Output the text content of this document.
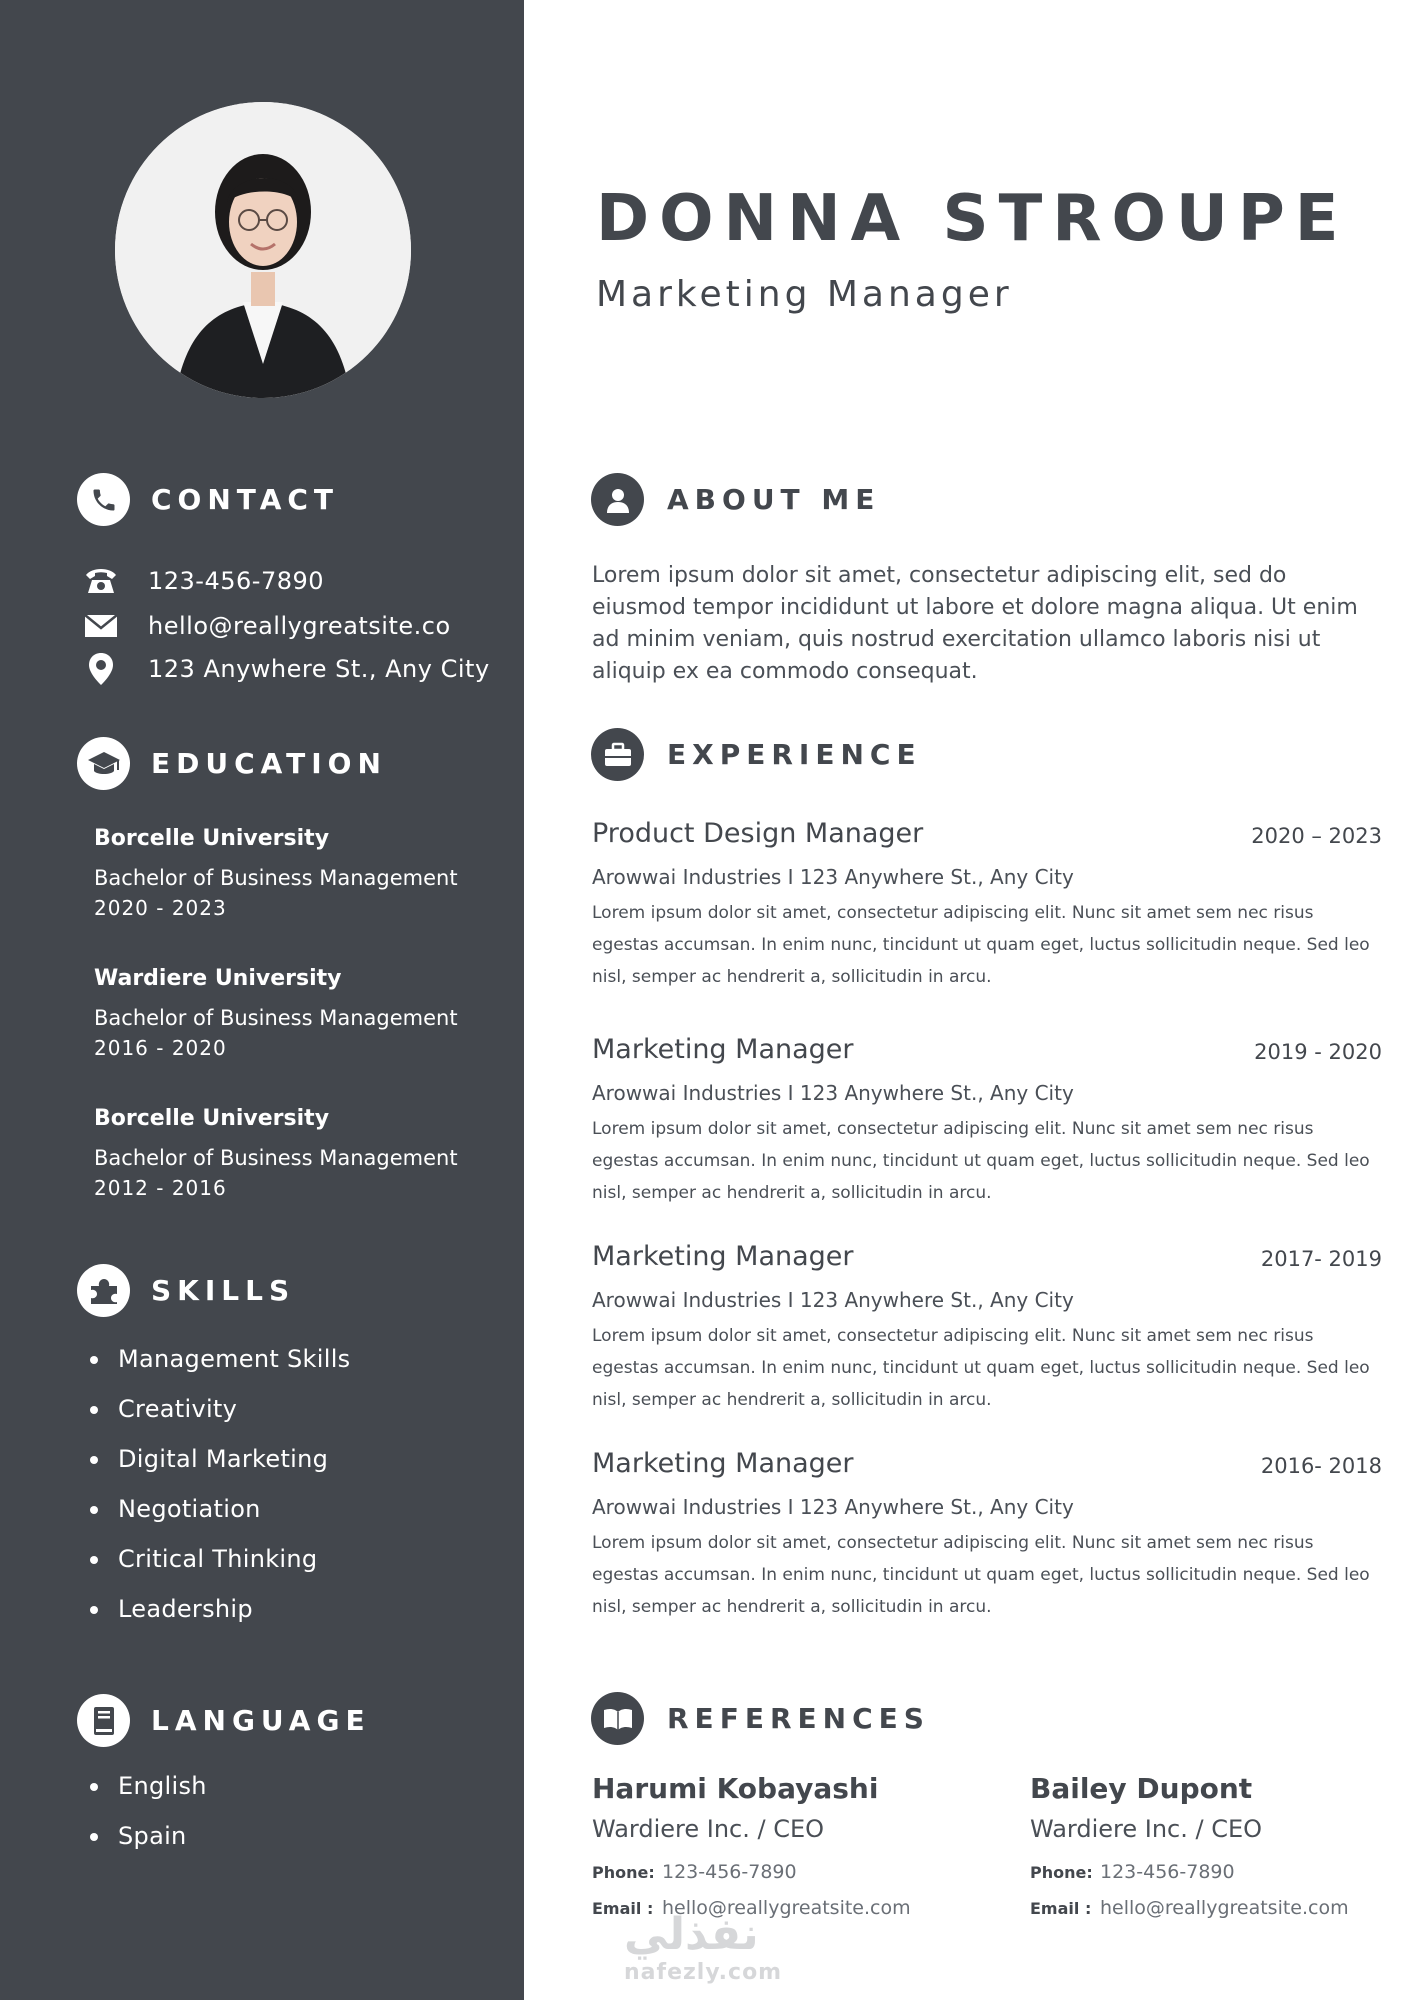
CONTACT
123-456-7890
hello@reallygreatsite.co
123 Anywhere St., Any City
EDUCATION
Borcelle University
Bachelor of Business Management
2020 - 2023
Wardiere University
Bachelor of Business Management
2016 - 2020
Borcelle University
Bachelor of Business Management
2012 - 2016
SKILLS
Management Skills
Creativity
Digital Marketing
Negotiation
Critical Thinking
Leadership
LANGUAGE
English
Spain
DONNA STROUPE
Marketing Manager
ABOUT ME
Lorem ipsum dolor sit amet, consectetur adipiscing elit, sed do eiusmod tempor incididunt ut labore et dolore magna aliqua. Ut enim ad minim veniam, quis nostrud exercitation ullamco laboris nisi ut aliquip ex ea commodo consequat.
EXPERIENCE
Product Design Manager	2020 – 2023
Arowwai Industries I 123 Anywhere St., Any City
Lorem ipsum dolor sit amet, consectetur adipiscing elit. Nunc sit amet sem nec risus egestas accumsan. In enim nunc, tincidunt ut quam eget, luctus sollicitudin neque. Sed leo nisl, semper ac hendrerit a, sollicitudin in arcu.
Marketing Manager	2019 - 2020
Arowwai Industries I 123 Anywhere St., Any City
Lorem ipsum dolor sit amet, consectetur adipiscing elit. Nunc sit amet sem nec risus egestas accumsan. In enim nunc, tincidunt ut quam eget, luctus sollicitudin neque. Sed leo nisl, semper ac hendrerit a, sollicitudin in arcu.
Marketing Manager	2017- 2019
Arowwai Industries I 123 Anywhere St., Any City
Lorem ipsum dolor sit amet, consectetur adipiscing elit. Nunc sit amet sem nec risus egestas accumsan. In enim nunc, tincidunt ut quam eget, luctus sollicitudin neque. Sed leo nisl, semper ac hendrerit a, sollicitudin in arcu.
Marketing Manager	2016- 2018
Arowwai Industries I 123 Anywhere St., Any City
Lorem ipsum dolor sit amet, consectetur adipiscing elit. Nunc sit amet sem nec risus egestas accumsan. In enim nunc, tincidunt ut quam eget, luctus sollicitudin neque. Sed leo nisl, semper ac hendrerit a, sollicitudin in arcu.
REFERENCES
Harumi Kobayashi
Wardiere Inc. / CEO
Phone: 123-456-7890
Email : hello@reallygreatsite.com
Bailey Dupont
Wardiere Inc. / CEO
Phone: 123-456-7890
Email : hello@reallygreatsite.com
نفذلي
nafezly.com
